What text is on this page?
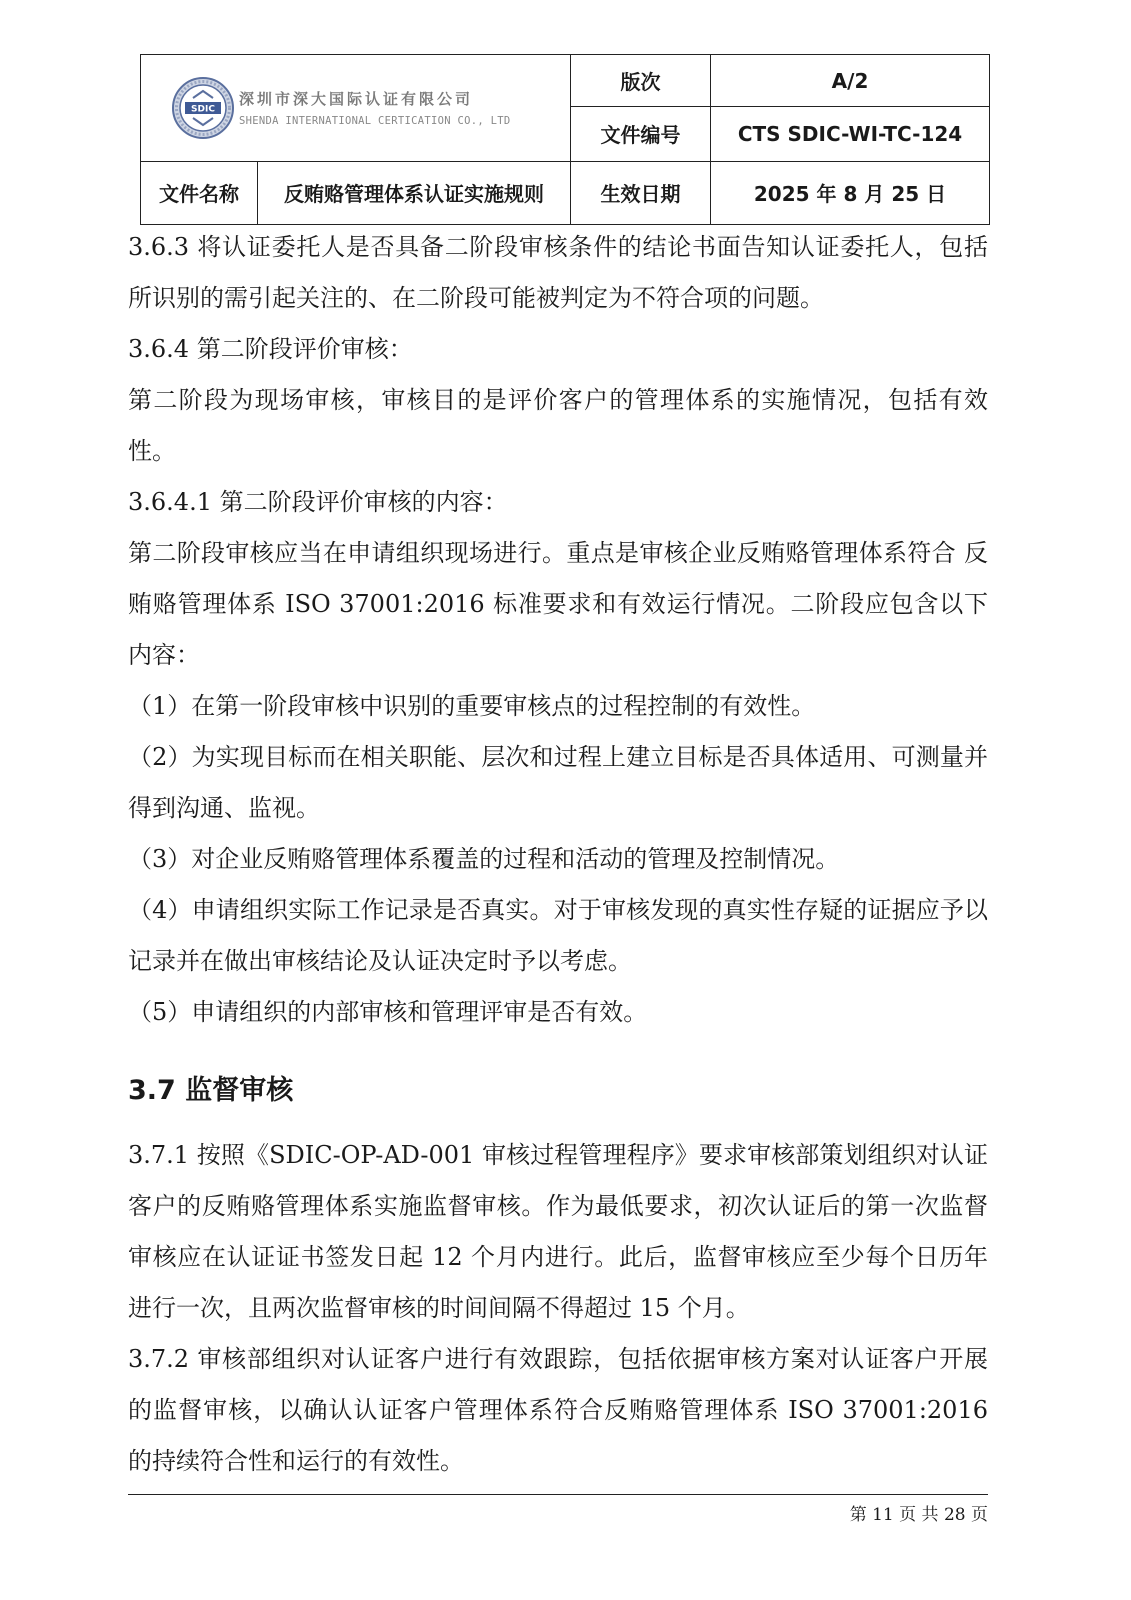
SDIC
深圳市深大国际认证有限公司
SHENDA INTERNATIONAL CERTICATION CO., LTD		版次	A/2
		文件编号	CTS SDIC-WI-TC-124
文件名称	反贿赂管理体系认证实施规则	生效日期	2025 年 8 月 25 日

3.6.3 将认证委托人是否具备二阶段审核条件的结论书面告知认证委托人，包括所识别的需引起关注的、在二阶段可能被判定为不符合项的问题。

3.6.4 第二阶段评价审核：

第二阶段为现场审核，审核目的是评价客户的管理体系的实施情况，包括有效性。

3.6.4.1 第二阶段评价审核的内容：

第二阶段审核应当在申请组织现场进行。重点是审核企业反贿赂管理体系符合 反贿赂管理体系 ISO 37001:2016 标准要求和有效运行情况。二阶段应包含以下内容：

（1）在第一阶段审核中识别的重要审核点的过程控制的有效性。

（2）为实现目标而在相关职能、层次和过程上建立目标是否具体适用、可测量并得到沟通、监视。

（3）对企业反贿赂管理体系覆盖的过程和活动的管理及控制情况。

（4）申请组织实际工作记录是否真实。对于审核发现的真实性存疑的证据应予以记录并在做出审核结论及认证决定时予以考虑。

（5）申请组织的内部审核和管理评审是否有效。

3.7 监督审核

3.7.1 按照《SDIC-OP-AD-001 审核过程管理程序》要求审核部策划组织对认证客户的反贿赂管理体系实施监督审核。作为最低要求，初次认证后的第一次监督审核应在认证证书签发日起 12 个月内进行。此后，监督审核应至少每个日历年进行一次，且两次监督审核的时间间隔不得超过 15 个月。

3.7.2 审核部组织对认证客户进行有效跟踪，包括依据审核方案对认证客户开展的监督审核，以确认认证客户管理体系符合反贿赂管理体系 ISO 37001:2016 的持续符合性和运行的有效性。

第 11 页 共 28 页
